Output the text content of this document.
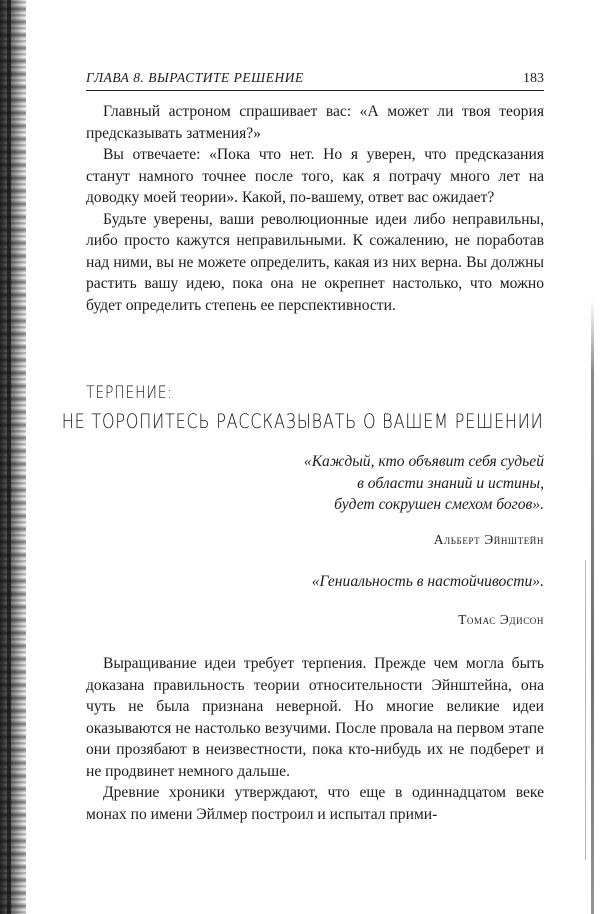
ГЛАВА 8. ВЫРАСТИТЕ РЕШЕНИЕ	183

Главный астроном спрашивает вас: «А может ли твоя теория предсказывать затмения?»

Вы отвечаете: «Пока что нет. Но я уверен, что предсказания станут намного точнее после того, как я потрачу много лет на доводку моей теории». Какой, по-вашему, ответ вас ожидает?

Будьте уверены, ваши революционные идеи либо неправильны, либо просто кажутся неправильными. К сожалению, не поработав над ними, вы не можете определить, какая из них верна. Вы должны растить вашу идею, пока она не окрепнет настолько, что можно будет определить степень ее перспективности.

ТЕРПЕНИЕ:
НЕ ТОРОПИТЕСЬ РАССКАЗЫВАТЬ О ВАШЕМ РЕШЕНИИ
«Каждый, кто объявит себя судьей
в области знаний и истины,
будет сокрушен смехом богов».
Альберт Эйнштейн
«Гениальность в настойчивости».
Томас Эдисон

Выращивание идеи требует терпения. Прежде чем могла быть доказана правильность теории относительности Эйнштейна, она чуть не была признана неверной. Но многие великие идеи оказываются не настолько везучими. После провала на первом этапе они прозябают в неизвестности, пока кто-нибудь их не подберет и не продвинет немного дальше.

Древние хроники утверждают, что еще в одиннадцатом веке монах по имени Эйлмер построил и испытал прими-
